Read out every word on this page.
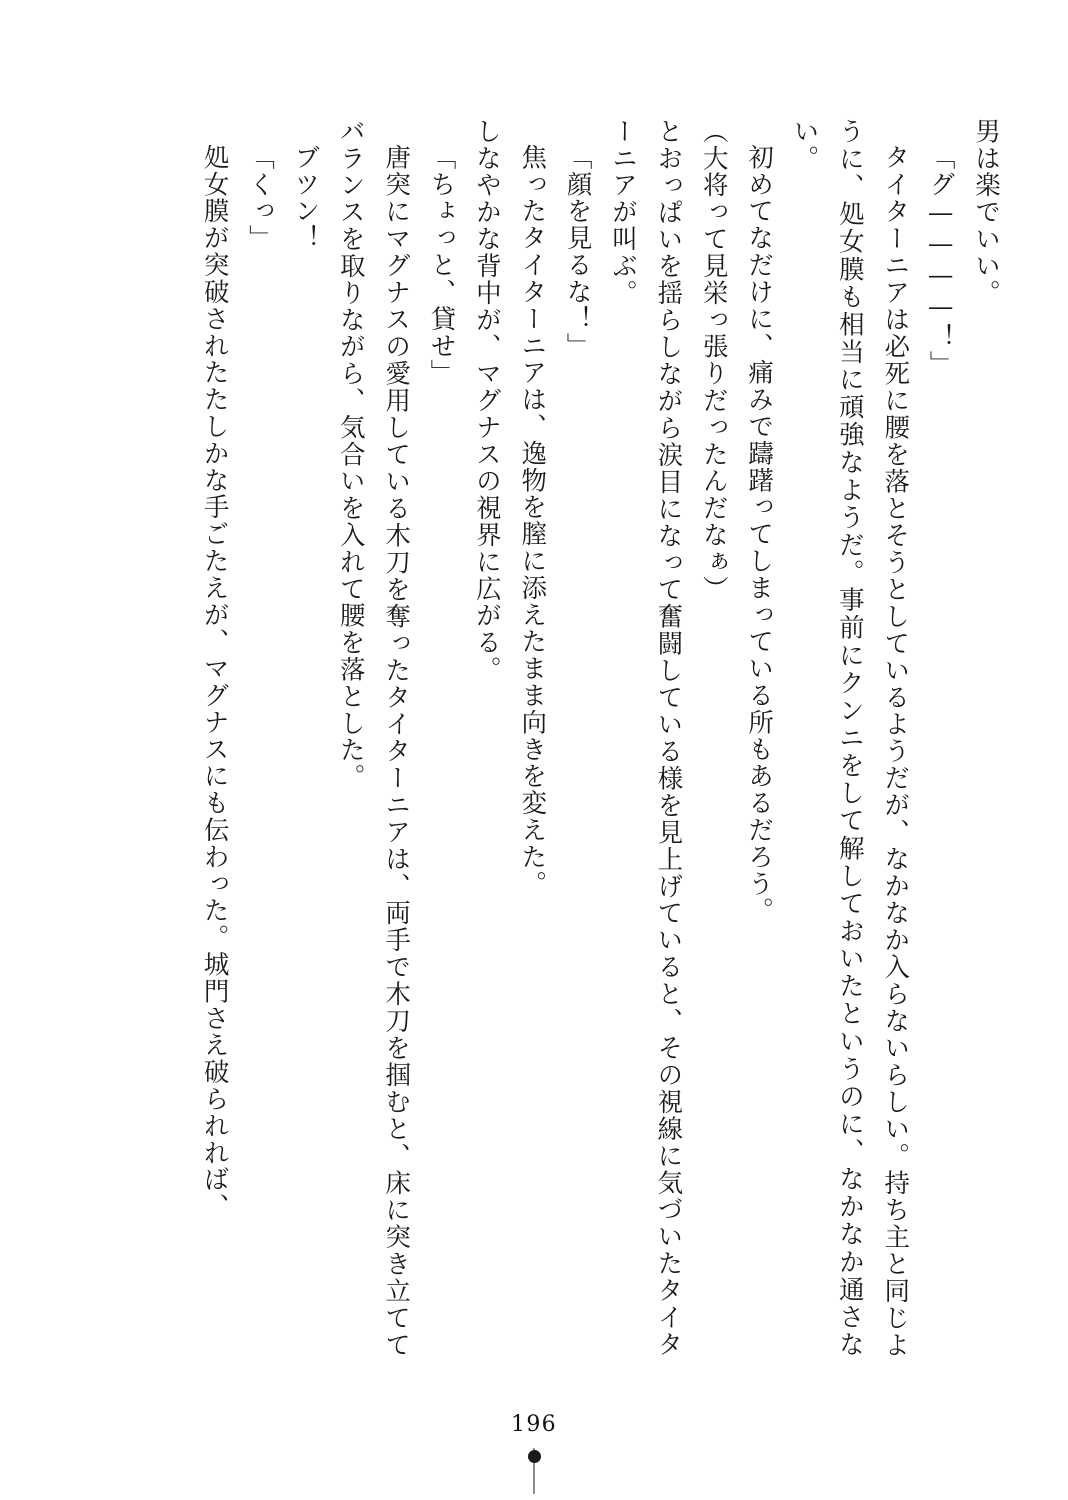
男は楽でいい。

「グ————！」

タイターニアは必死に腰を落とそうとしているようだが、なかなか入らないらしい。持ち主と同じように、処女膜も相当に頑強なようだ。事前にクンニをして解しておいたというのに、なかなか通さない。

初めてなだけに、痛みで躊躇ってしまっている所もあるだろう。

（大将って見栄っ張りだったんだなぁ）

とおっぱいを揺らしながら涙目になって奮闘している様を見上げていると、その視線に気づいたタイターニアが叫ぶ。

「顔を見るな！」

焦ったタイターニアは、逸物を膣に添えたまま向きを変えた。

しなやかな背中が、マグナスの視界に広がる。

「ちょっと、貸せ」

唐突にマグナスの愛用している木刀を奪ったタイターニアは、両手で木刀を掴むと、床に突き立ててバランスを取りながら、気合いを入れて腰を落とした。

ブツン！

「くっ」

処女膜が突破されたたしかな手ごたえが、マグナスにも伝わった。城門さえ破られれば、

196
